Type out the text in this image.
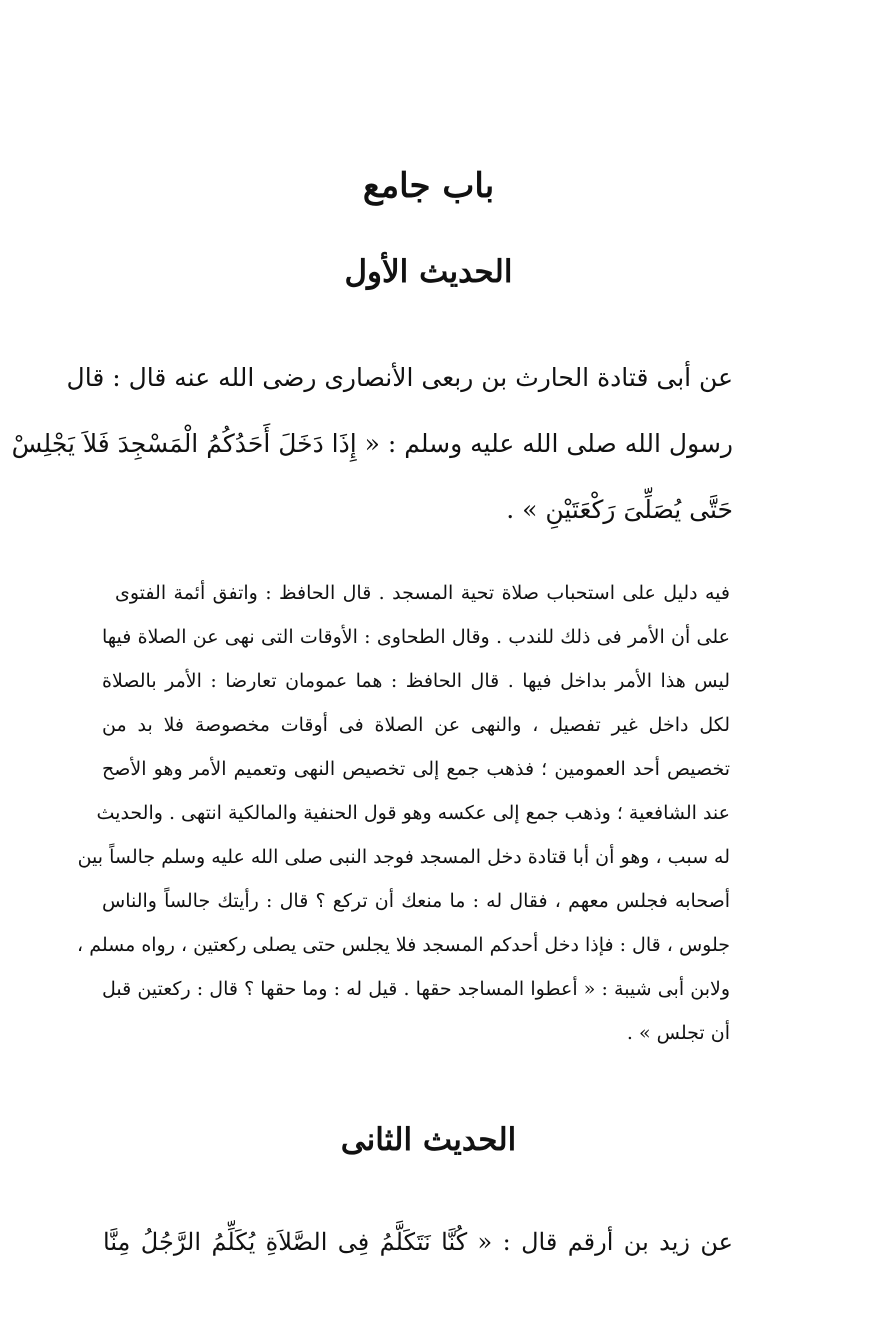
باب جامع
الحديث الأول
عن أبى قتادة الحارث بن ربعى الأنصارى رضى الله عنه قال : قال
رسول الله صلى الله عليه وسلم : « إِذَا دَخَلَ أَحَدُكُمُ الْمَسْجِدَ فَلاَ يَجْلِسْ
حَتَّى يُصَلِّىَ رَكْعَتَيْنِ » .
فيه دليل على استحباب صلاة تحية المسجد . قال الحافظ : واتفق أئمة الفتوى
على أن الأمر فى ذلك للندب . وقال الطحاوى : الأوقات التى نهى عن الصلاة فيها
ليس هذا الأمر بداخل فيها . قال الحافظ : هما عمومان تعارضا : الأمر بالصلاة
لكل داخل غير تفصيل ، والنهى عن الصلاة فى أوقات مخصوصة فلا بد من
تخصيص أحد العمومين ؛ فذهب جمع إلى تخصيص النهى وتعميم الأمر وهو الأصح
عند الشافعية ؛ وذهب جمع إلى عكسه وهو قول الحنفية والمالكية انتهى . والحديث
له سبب ، وهو أن أبا قتادة دخل المسجد فوجد النبى صلى الله عليه وسلم جالساً بين
أصحابه فجلس معهم ، فقال له : ما منعك أن تركع ؟ قال : رأيتك جالساً والناس
جلوس ، قال : فإذا دخل أحدكم المسجد فلا يجلس حتى يصلى ركعتين ، رواه مسلم ،
ولابن أبى شيبة : « أعطوا المساجد حقها . قيل له : وما حقها ؟ قال : ركعتين قبل
أن تجلس » .
الحديث الثانى
عن زيد بن أرقم قال : « كُنَّا نَتَكَلَّمُ فِى الصَّلاَةِ يُكَلِّمُ الرَّجُلُ مِنَّا
